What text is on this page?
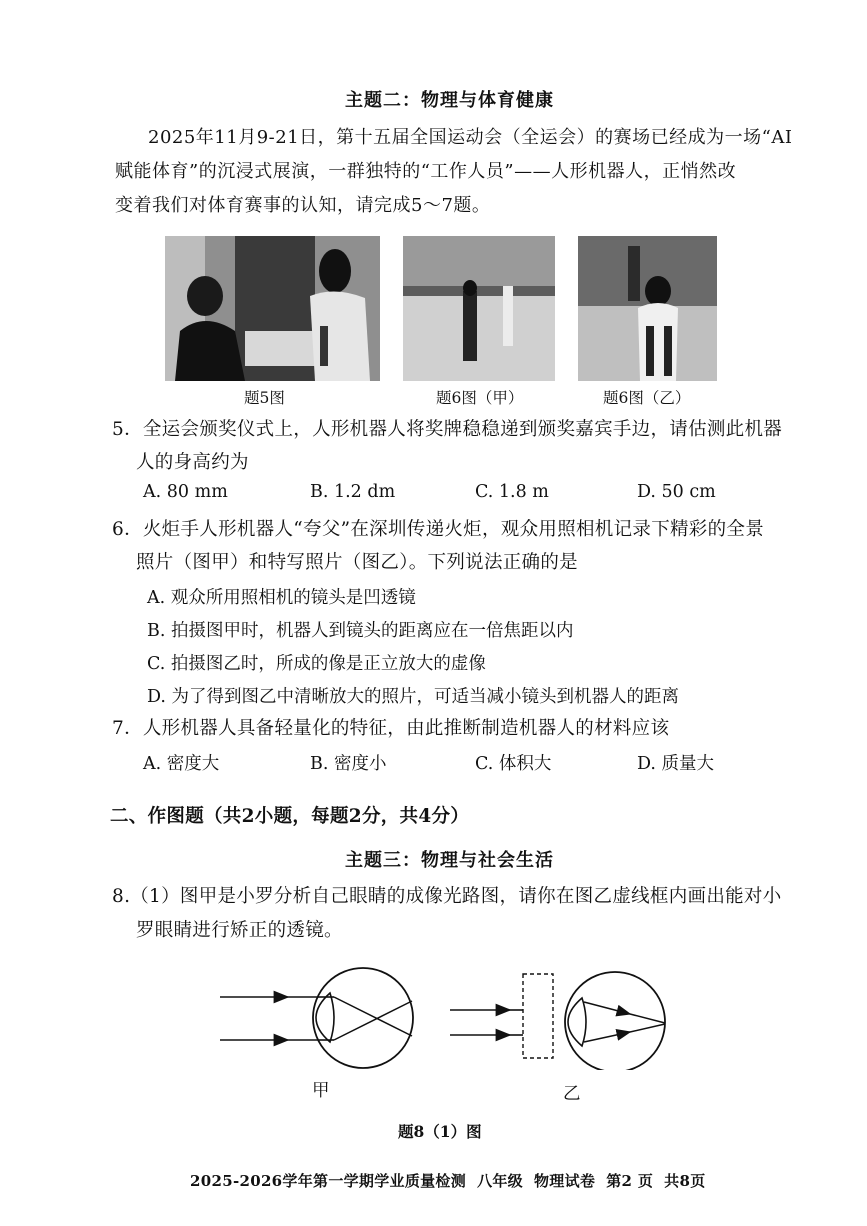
主题二：物理与体育健康
2025年11月9-21日，第十五届全国运动会（全运会）的赛场已经成为一场“AI
赋能体育”的沉浸式展演，一群独特的“工作人员”——人形机器人，正悄然改
变着我们对体育赛事的认知，请完成5～7题。
题5图	题6图（甲）	题6图（乙）
5．全运会颁奖仪式上，人形机器人将奖牌稳稳递到颁奖嘉宾手边，请估测此机器
人的身高约为
A. 80 mm	B. 1.2 dm	C. 1.8 m	D. 50 cm
6．火炬手人形机器人“夸父”在深圳传递火炬，观众用照相机记录下精彩的全景
照片（图甲）和特写照片（图乙）。下列说法正确的是
A. 观众所用照相机的镜头是凹透镜
B. 拍摄图甲时，机器人到镜头的距离应在一倍焦距以内
C. 拍摄图乙时，所成的像是正立放大的虚像
D. 为了得到图乙中清晰放大的照片，可适当减小镜头到机器人的距离
7．人形机器人具备轻量化的特征，由此推断制造机器人的材料应该
A. 密度大	B. 密度小	C. 体积大	D. 质量大
二、作图题（共2小题，每题2分，共4分）
主题三：物理与社会生活
8.（1）图甲是小罗分析自己眼睛的成像光路图，请你在图乙虚线框内画出能对小
罗眼睛进行矫正的透镜。
甲	乙
题8（1）图
2025-2026学年第一学期学业质量检测  八年级  物理试卷  第2 页  共8页
